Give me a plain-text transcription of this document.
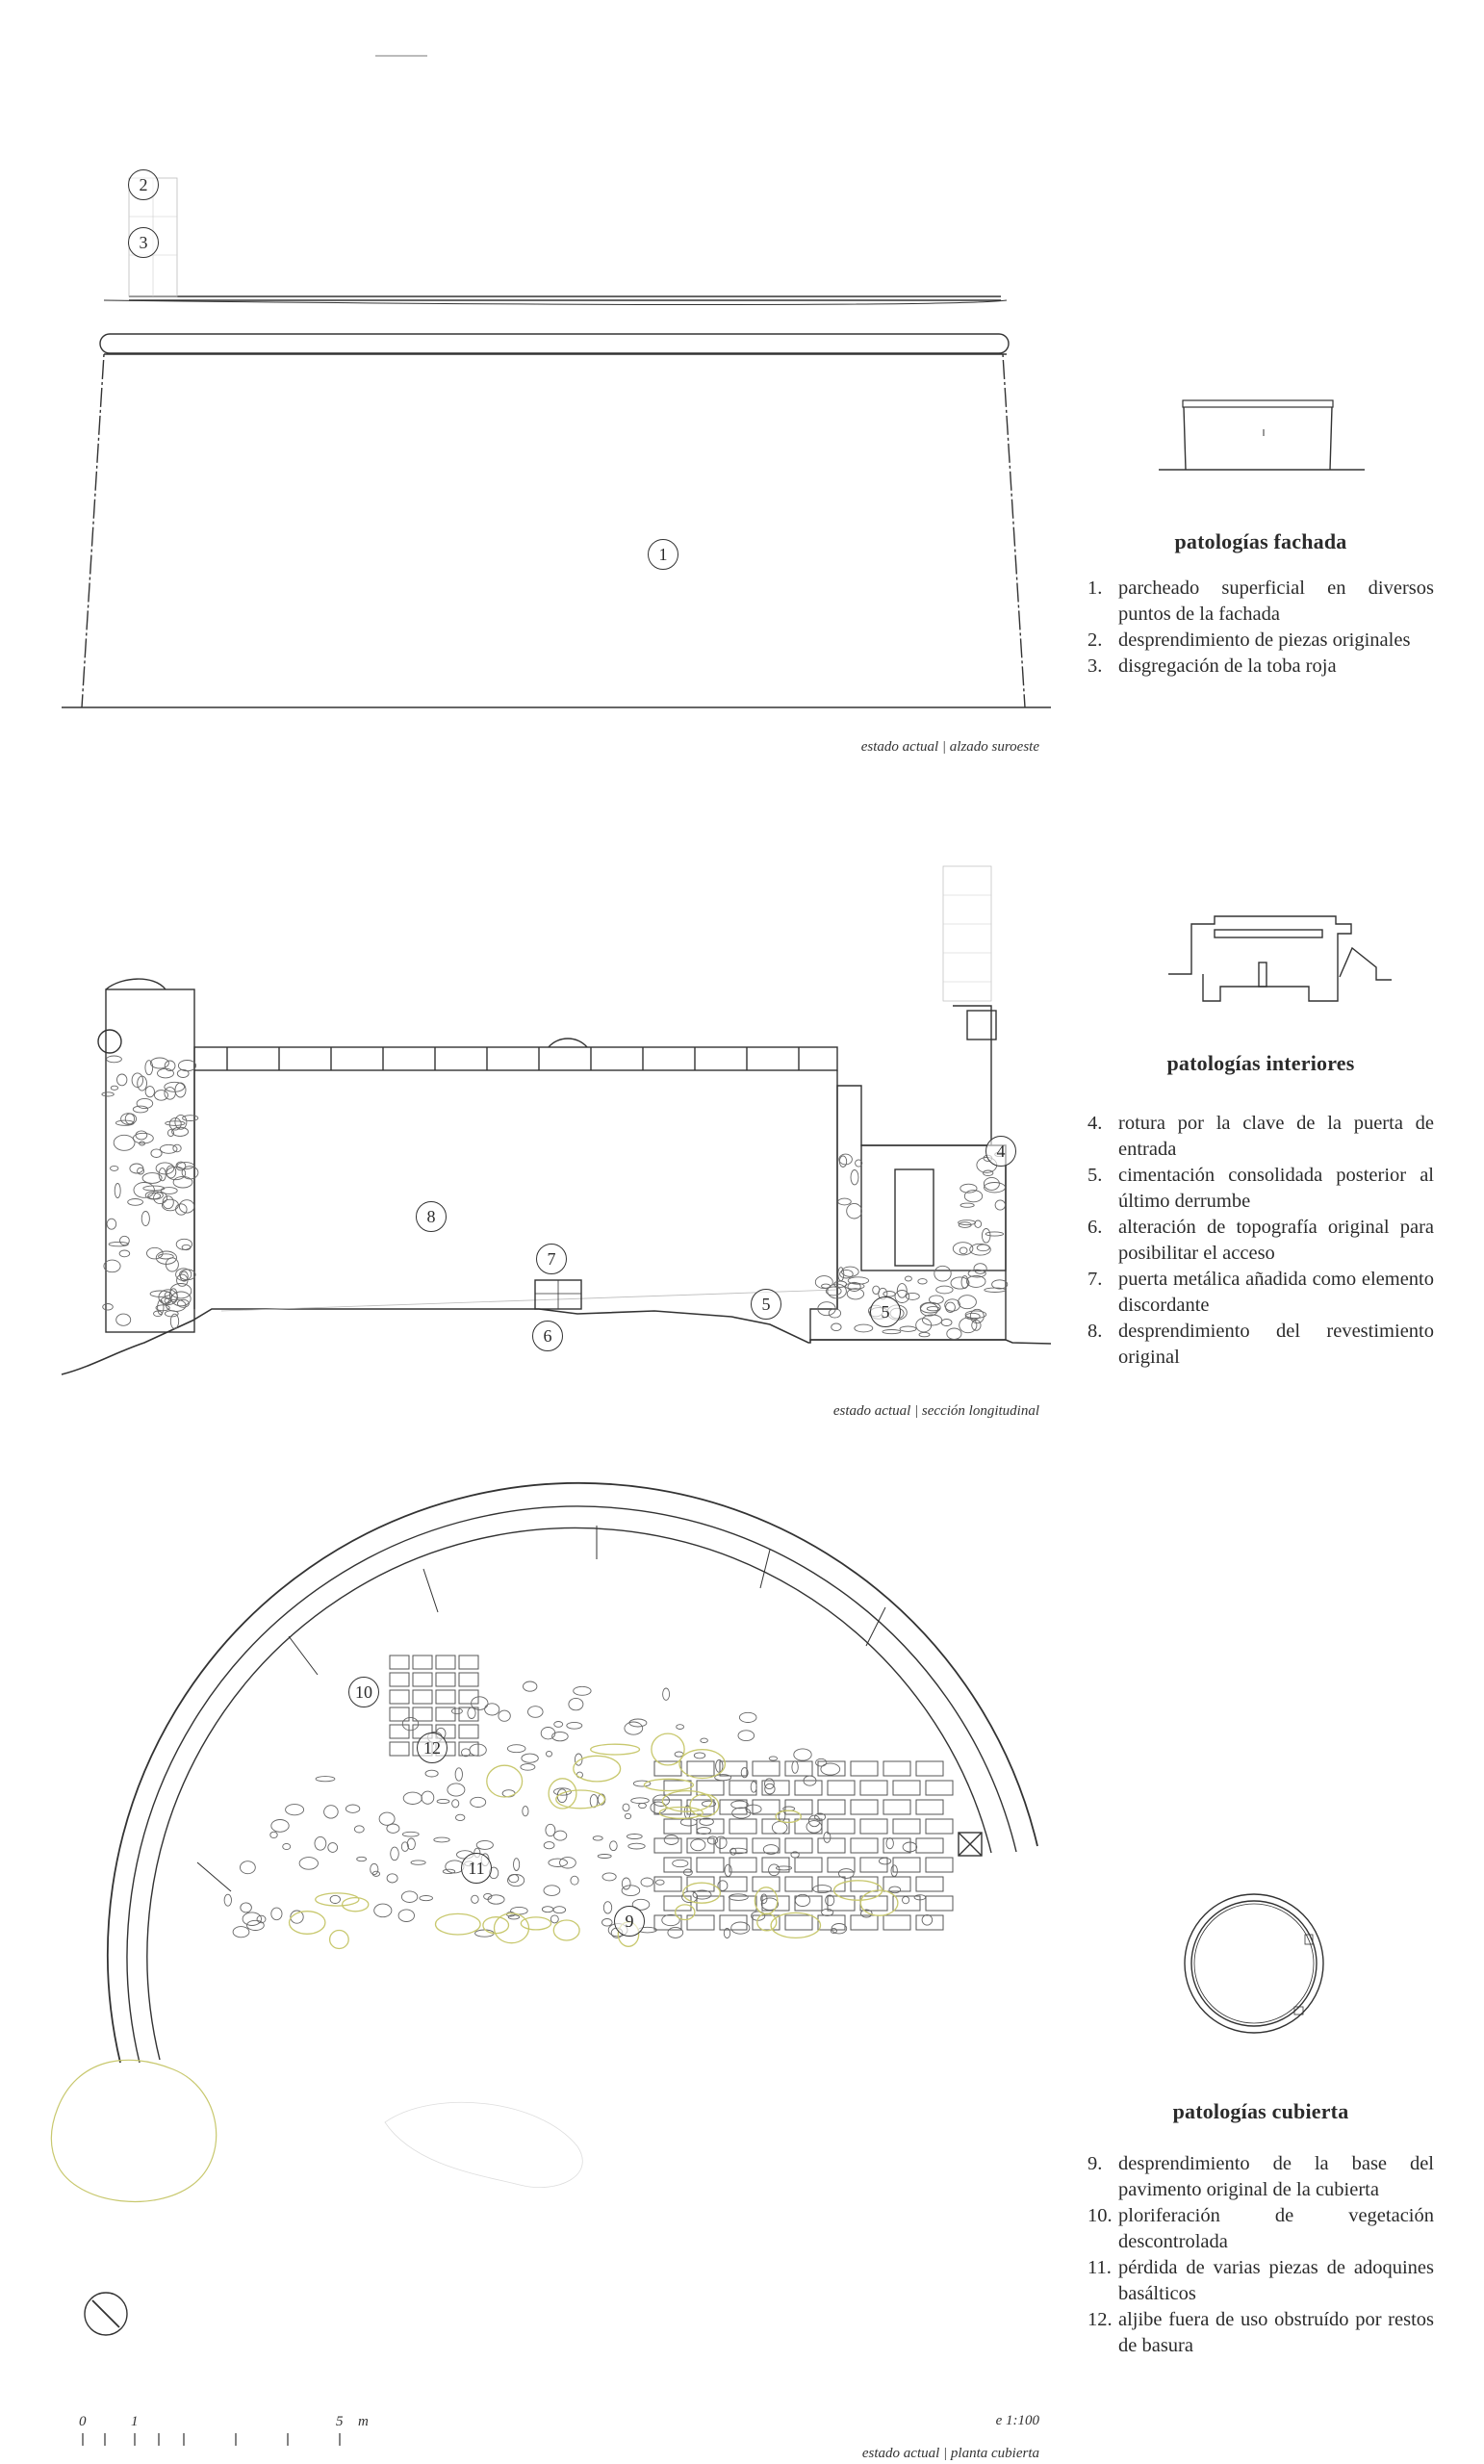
2
3
1
4
8
7
5	5
6
10
12
11
9
estado actual | alzado suroeste
estado actual | sección longitudinal
estado actual | planta cubierta
e 1:100
0	1	5 m
patologías fachada
1. parcheado superficial en diversos puntos de la fachada
2. desprendimiento de piezas originales
3. disgregación de la toba roja
patologías interiores
4. rotura por la clave de la puerta de entrada
5. cimentación consolidada posterior al último derrumbe
6. alteración de topografía original para posibilitar el acceso
7. puerta metálica añadida como elemento discordante
8. desprendimiento del revestimiento original
patologías cubierta
9. desprendimiento de la base del pavimento original de la cubierta
10. ploriferación de vegetación descontrolada
11. pérdida de varias piezas de adoquines basálticos
12. aljibe fuera de uso obstruído por restos de basura
